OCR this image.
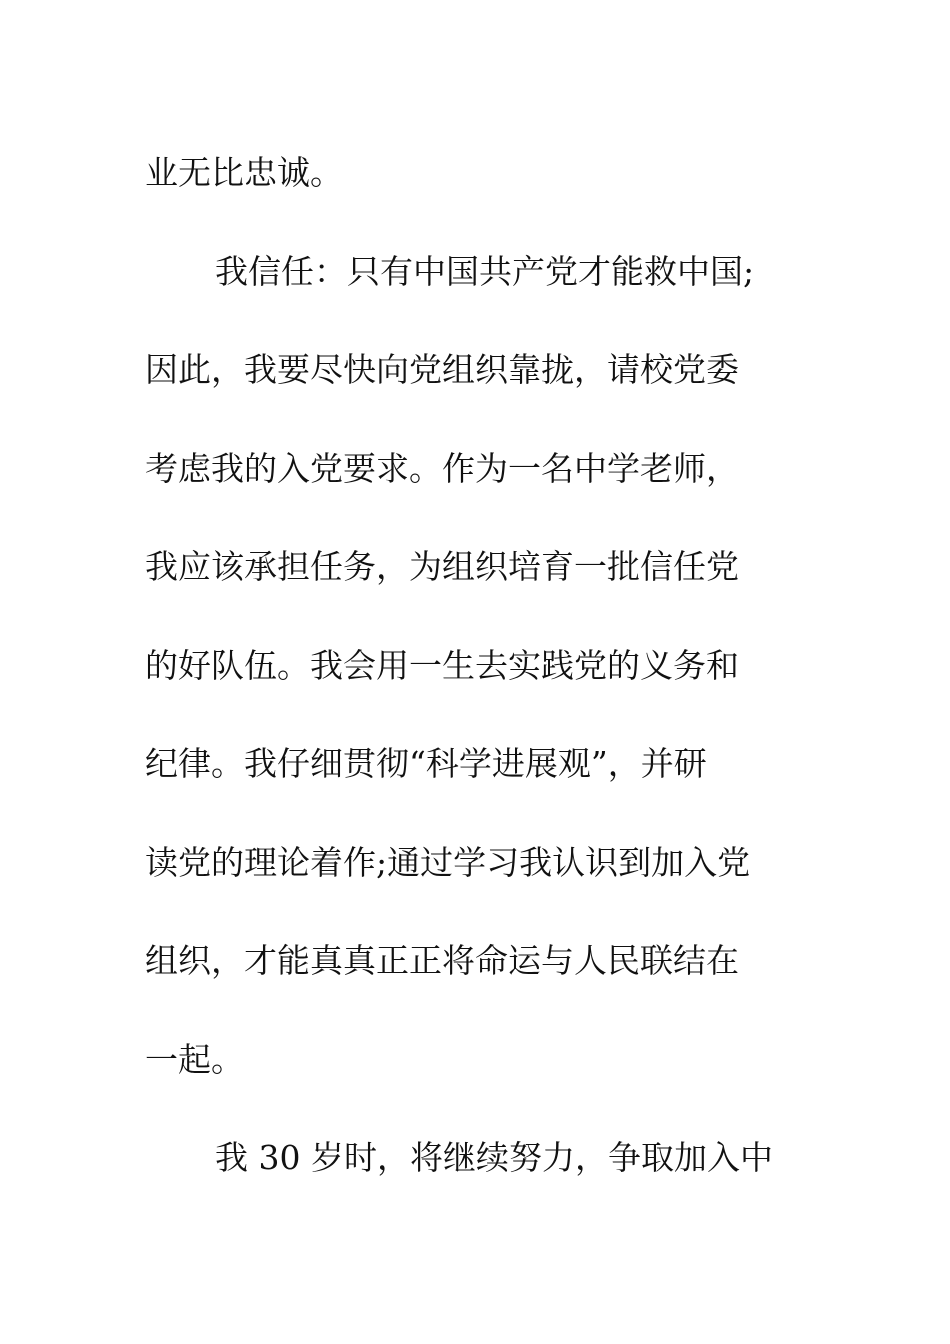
业无比忠诚。
我信任：只有中国共产党才能救中国;
因此，我要尽快向党组织靠拢，请校党委
考虑我的入党要求。作为一名中学老师，
我应该承担任务，为组织培育一批信任党
的好队伍。我会用一生去实践党的义务和
纪律。我仔细贯彻“科学进展观”，并研
读党的理论着作;通过学习我认识到加入党
组织，才能真真正正将命运与人民联结在
一起。
我 30 岁时，将继续努力，争取加入中
